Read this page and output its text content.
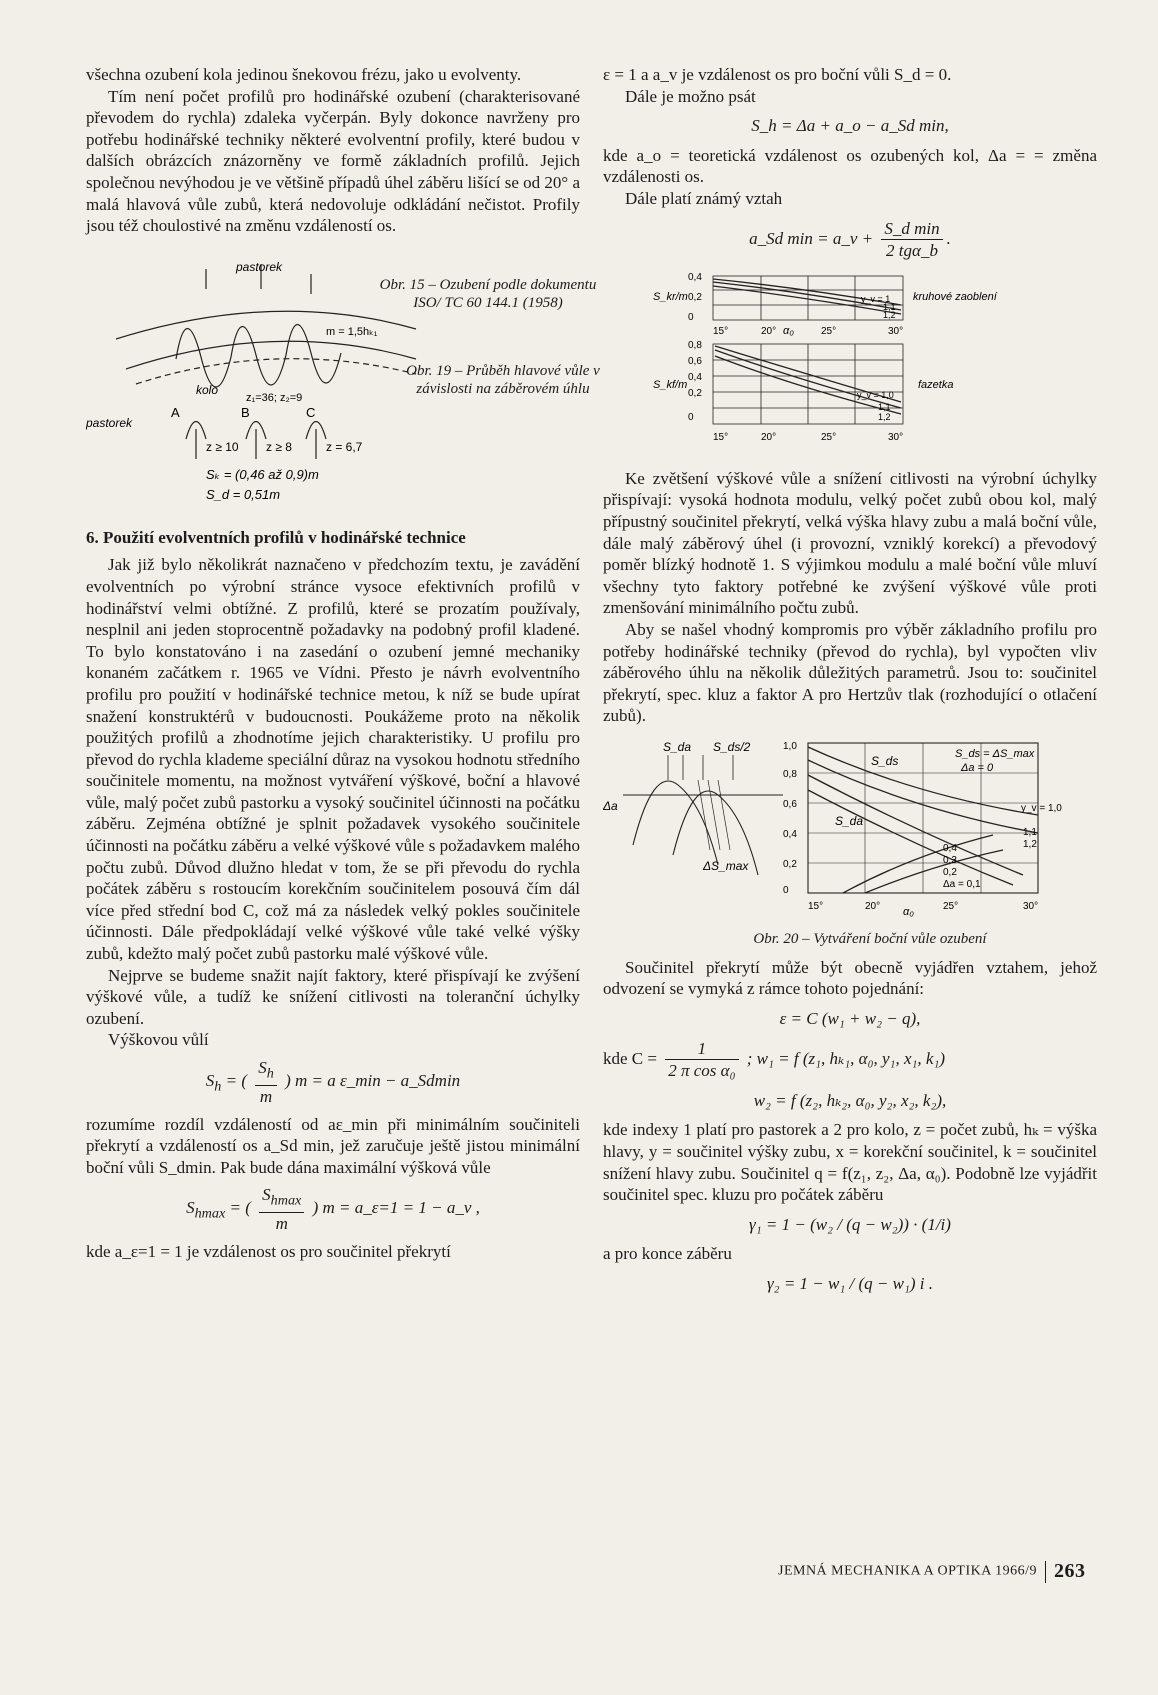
všechna ozubení kola jedinou šnekovou frézu, jako u evolventy.

Tím není počet profilů pro hodinářské ozubení (charakterisované převodem do rychla) zdaleka vyčerpán. Byly dokonce navrženy pro potřebu hodinářské techniky některé evolventní profily, které budou v dalších obrázcích znázorněny ve formě základních profilů. Jejich společnou nevýhodou je ve většině případů úhel záběru lišící se od 20° a malá hlavová vůle zubů, která nedovoluje odkládání nečistot. Profily jsou též choulostivé na změnu vzdáleností os.

pastorek
kolo
pastorek
A	B	C
z₁=36; z₂=9
m = 1,5hₖ₁
z ≥ 10 z ≥ 8	z = 6,7
Sₖ = (0,46 až 0,9)m
S_d = 0,51m

6. Použití evolventních profilů v hodinářské technice

Jak již bylo několikrát naznačeno v předchozím textu, je zavádění evolventních po výrobní stránce vysoce efektivních profilů v hodinářství velmi obtížné. Z profilů, které se prozatím používaly, nesplnil ani jeden stoprocentně požadavky na podobný profil kladené. To bylo konstatováno i na zasedání o ozubení jemné mechaniky konaném začátkem r. 1965 ve Vídni. Přesto je návrh evolventního profilu pro použití v hodinářské technice metou, k níž se bude upírat snažení konstruktérů v budoucnosti. Poukážeme proto na několik použitých profilů a zhodnotíme jejich charakteristiky. U profilu pro převod do rychla klademe speciální důraz na vysokou hodnotu středního součinitele momentu, na možnost vytváření výškové, boční a hlavové vůle, malý počet zubů pastorku a vysoký součinitel účinnosti na počátku záběru. Zejména obtížné je splnit požadavek vysokého součinitele účinnosti na počátku záběru a velké výškové vůle s požadavkem malého počtu zubů. Důvod dlužno hledat v tom, že se při převodu do rychla počátek záběru s rostoucím korekčním součinitelem posouvá čím dál více před střední bod C, což má za následek velký pokles součinitele účinnosti. Dále předpokládají velké výškové vůle také velké výšky zubů, kdežto malý počet zubů pastorku malé výškové vůle.

Nejprve se budeme snažit najít faktory, které přispívají ke zvýšení výškové vůle, a tudíž ke snížení citlivosti na toleranční úchylky ozubení.

Výškovou vůlí

$S_h$ = ( $\frac{S_h}{m}$ ) m = a ε_min − a_Sdmin

rozumíme rozdíl vzdáleností od aε_min při minimálním součiniteli překrytí a vzdáleností os a_Sd min, jež zaručuje ještě jistou minimální boční vůli S_dmin. Pak bude dána maximální výšková vůle

$S_{hmax}$ = ( $\frac{S_{hmax}}{m}$ ) m = a_ε=1 = 1 − a_v ,

kde a_ε=1 = 1 je vzdálenost os pro součinitel překrytí

ε = 1 a a_v je vzdálenost os pro boční vůli S_d = 0.

Dále je možno psát

S_h = Δa + a_o − a_Sd min,

kde a_o = teoretická vzdálenost os ozubených kol, Δa = = změna vzdálenosti os.

Dále platí známý vztah

a_Sd min = a_v + $\frac{\text{S\_d min}}{\text{2 tgα\_b}}$ .
Obr. 15 – Ozubení podle dokumentu ISO/ TC 60 144.1 (1958)
Obr. 19 – Průběh hlavové vůle v závislosti na záběrovém úhlu
S_kr/m
0,4
0,2
0
kruhové zaoblení
y_v = 1
1,1
1,2
15°	20°	25°	30°
α₀
S_kf/m
0,8
0,6
0,4
0,2
0
fazetka
y_v = 1,0
1,1
1,2
15°	20°	25°	30°

Ke zvětšení výškové vůle a snížení citlivosti na výrobní úchylky přispívají: vysoká hodnota modulu, velký počet zubů obou kol, malý přípustný součinitel překrytí, velká výška hlavy zubu a malá boční vůle, dále malý záběrový úhel (i provozní, vzniklý korekcí) a převodový poměr blízký hodnotě 1. S výjimkou modulu a malé boční vůle mluví všechny tyto faktory potřebné ke zvýšení výškové vůle proti zmenšování minimálního počtu zubů.

Aby se našel vhodný kompromis pro výběr základního profilu pro potřeby hodinářské techniky (převod do rychla), byl vypočten vliv záběrového úhlu na několik důležitých parametrů. Jsou to: součinitel překrytí, spec. kluz a faktor A pro Hertzův tlak (rozhodující o otlačení zubů).

S_da S_ds/2
Δa
ΔS_max
S_ds
S_da
S_ds = ΔS_max
Δa = 0
y_v = 1,0
1,1
1,2
Δa = 0,1
0,2
0,3
0,4
1,0
0,8
0,6
0,4
0,2
0
15°	20°	25°	30°
α₀
Obr. 20 – Vytváření boční vůle ozubení

Součinitel překrytí může být obecně vyjádřen vztahem, jehož odvození se vymyká z rámce tohoto pojednání:

ε = C (w₁ + w₂ − q),
kde $C = \frac{1}{\text{2 π cos α₀}}$ ; w₁ = f (z₁, hₖ₁, α₀, y₁, x₁, k₁)
w₂ = f (z₂, hₖ₂, α₀, y₂, x₂, k₂),

kde indexy 1 platí pro pastorek a 2 pro kolo, z = počet zubů, hₖ = výška hlavy, y = součinitel výšky zubu, x = korekční součinitel, k = součinitel snížení hlavy zubu. Součinitel q = f(z₁, z₂, Δa, α₀). Podobně lze vyjádřit součinitel spec. kluzu pro počátek záběru

γ₁ = 1 − (w₂ / (q − w₂)) · (1/i)

a pro konce záběru

γ₂ = 1 − w₁ / (q − w₁) i .
JEMNÁ MECHANIKA A OPTIKA 1966/9 263
